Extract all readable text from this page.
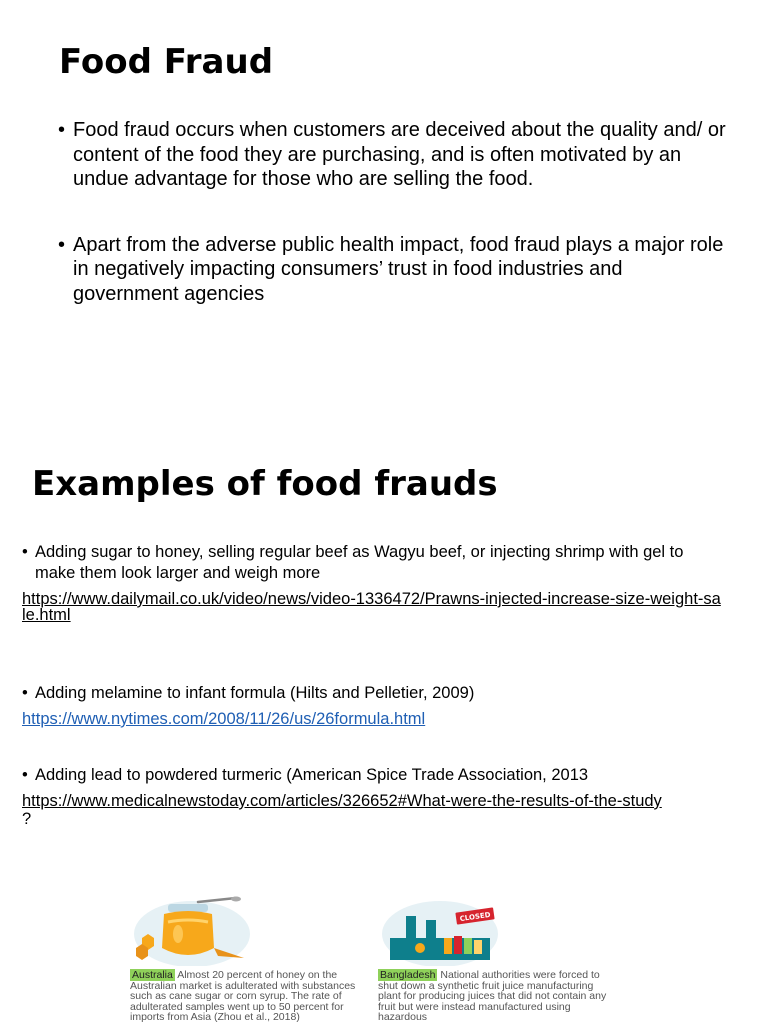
Food Fraud
• Food fraud occurs when customers are deceived about the quality and/ or content of the food they are purchasing, and is often motivated by an undue advantage for those who are selling the food.
• Apart from the adverse public health impact, food fraud plays a major role in negatively impacting consumers’ trust in food industries and government agencies
Examples of food frauds
• Adding sugar to honey, selling regular beef as Wagyu beef, or injecting shrimp with gel to make them look larger and weigh more
https://www.dailymail.co.uk/video/news/video-1336472/Prawns-injected-increase-size-weight-sale.html
• Adding melamine to infant formula (Hilts and Pelletier, 2009)
https://www.nytimes.com/2008/11/26/us/26formula.html
• Adding lead to powdered turmeric (American Spice Trade Association, 2013
https://www.medicalnewstoday.com/articles/326652#What-were-the-results-of-the-study
?
Australia Almost 20 percent of honey on the Australian market is adulterated with substances such as cane sugar or corn syrup. The rate of adulterated samples went up to 50 percent for imports from Asia (Zhou et al., 2018)
CLOSED
Bangladesh National authorities were forced to shut down a synthetic fruit juice manufacturing plant for producing juices that did not contain any fruit but were instead manufactured using hazardous
